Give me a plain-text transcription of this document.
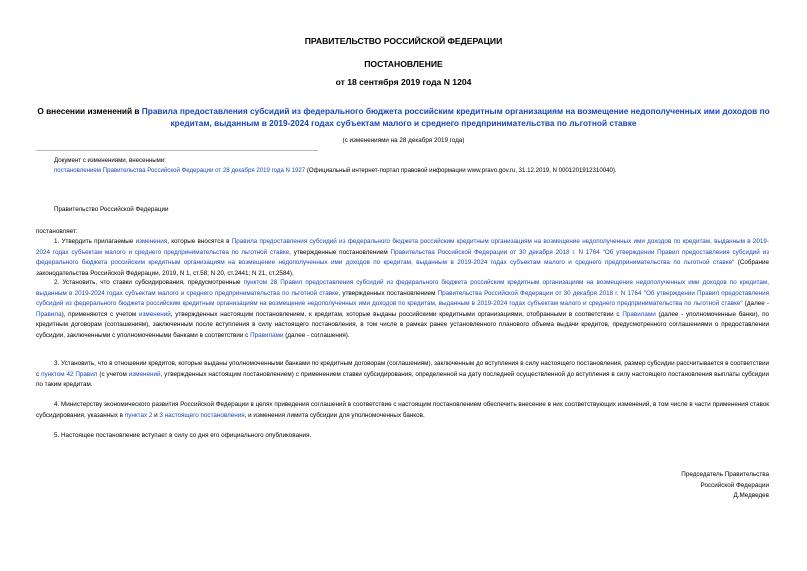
ПРАВИТЕЛЬСТВО РОССИЙСКОЙ ФЕДЕРАЦИИ
ПОСТАНОВЛЕНИЕ
от 18 сентября 2019 года N 1204
О внесении изменений в Правила предоставления субсидий из федерального бюджета российским кредитным организациям на возмещение недополученных ими доходов по кредитам, выданным в 2019-2024 годах субъектам малого и среднего предпринимательства по льготной ставке
(с изменениями на 28 декабря 2019 года)
Документ с изменениями, внесенными:
постановлением Правительства Российской Федерации от 28 декабря 2019 года N 1927 (Официальный интернет-портал правовой информации www.pravo.gov.ru, 31.12.2019, N 0001201912310040).
Правительство Российской Федерации
постановляет:
1. Утвердить прилагаемые изменения, которые вносятся в Правила предоставления субсидий из федерального бюджета российским кредитным организациям на возмещение недополученных ими доходов по кредитам, выданным в 2019-2024 годах субъектам малого и среднего предпринимательства по льготной ставке, утвержденные постановлением Правительства Российской Федерации от 30 декабря 2018 г. N 1764 "Об утверждении Правил предоставления субсидий из федерального бюджета российским кредитным организациям на возмещение недополученных ими доходов по кредитам, выданным в 2019-2024 годах субъектам малого и среднего предпринимательства по льготной ставке" (Собрание законодательства Российской Федерации, 2019, N 1, ст.58; N 20, ст.2441; N 21, ст.2584).
2. Установить, что ставки субсидирования, предусмотренные пунктом 28 Правил предоставления субсидий из федерального бюджета российским кредитным организациям на возмещение недополученных ими доходов по кредитам, выданным в 2019-2024 годах субъектам малого и среднего предпринимательства по льготной ставке, утвержденных постановлением Правительства Российской Федерации от 30 декабря 2018 г. N 1764 "Об утверждении Правил предоставления субсидий из федерального бюджета российским кредитным организациям на возмещение недополученных ими доходов по кредитам, выданным в 2019-2024 годах субъектам малого и среднего предпринимательства по льготной ставке" (далее - Правила), применяются с учетом изменений, утвержденных настоящим постановлением, к кредитам, которые выданы российскими кредитными организациями, отобранными в соответствии с Правилами (далее - уполномоченные банки), по кредитным договорам (соглашениям), заключенным после вступления в силу настоящего постановления, в том числе в рамках ранее установленного планового объема выдачи кредитов, предусмотренного соглашениями о предоставлении субсидии, заключенными с уполномоченными банками в соответствии с Правилами (далее - соглашения).
3. Установить, что в отношении кредитов, которые выданы уполномоченными банками по кредитным договорам (соглашениям), заключенным до вступления в силу настоящего постановления, размер субсидии рассчитывается в соответствии с пунктом 42 Правил (с учетом изменений, утвержденных настоящим постановлением) с применением ставки субсидирования, определенной на дату последней осуществленной до вступления в силу настоящего постановления выплаты субсидии по таким кредитам.
4. Министерству экономического развития Российской Федерации в целях приведения соглашений в соответствие с настоящим постановлением обеспечить внесение в них соответствующих изменений, в том числе в части применения ставок субсидирования, указанных в пунктах 2 и 3 настоящего постановления, и изменения лимита субсидии для уполномоченных банков.
5. Настоящее постановление вступает в силу со дня его официального опубликования.
Председатель Правительства
Российской Федерации
Д.Медведев
